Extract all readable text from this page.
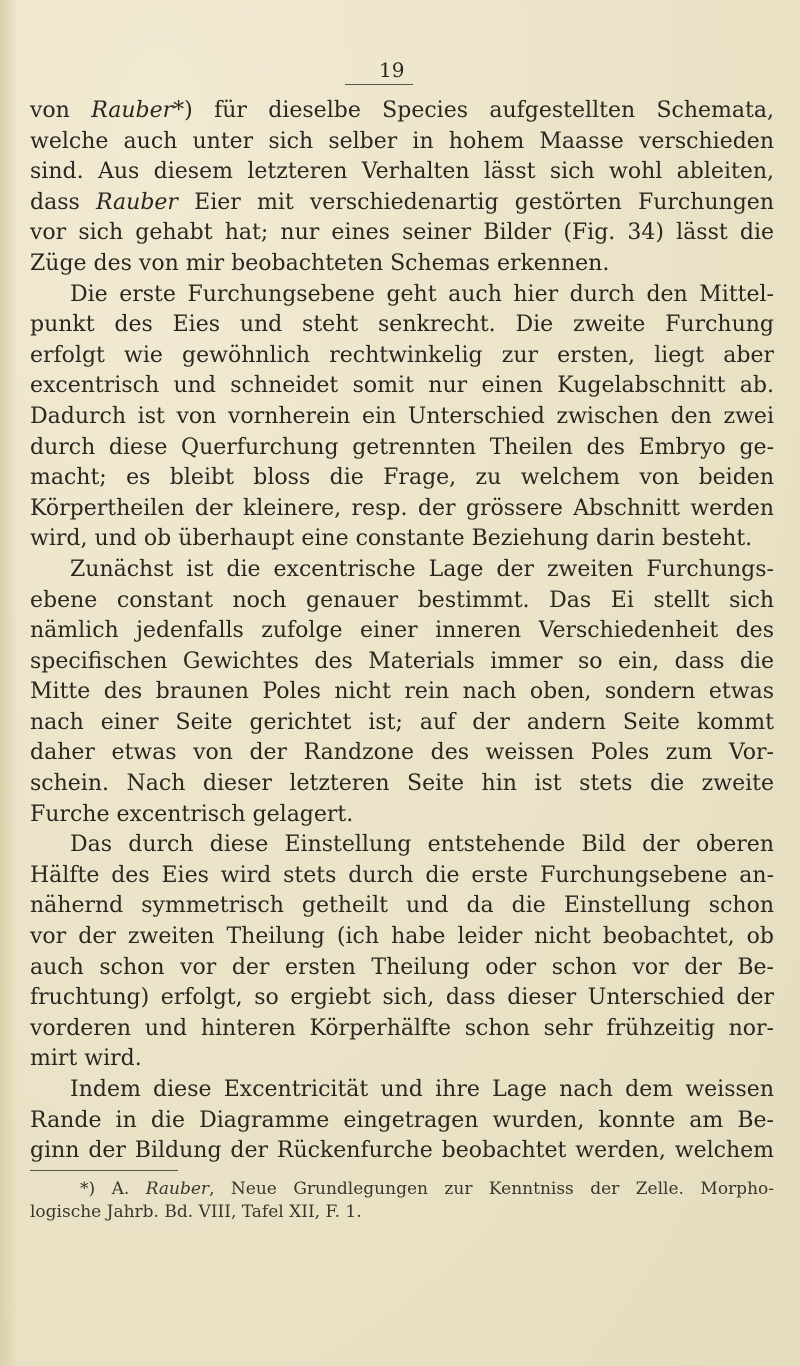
19

von Rauber*) für dieselbe Species aufgestellten Schemata,
welche auch unter sich selber in hohem Maasse verschieden
sind. Aus diesem letzteren Verhalten lässt sich wohl ableiten,
dass Rauber Eier mit verschiedenartig gestörten Furchungen
vor sich gehabt hat; nur eines seiner Bilder (Fig. 34) lässt die
Züge des von mir beobachteten Schemas erkennen.

Die erste Furchungsebene geht auch hier durch den Mittel-
punkt des Eies und steht senkrecht. Die zweite Furchung
erfolgt wie gewöhnlich rechtwinkelig zur ersten, liegt aber
excentrisch und schneidet somit nur einen Kugelabschnitt ab.
Dadurch ist von vornherein ein Unterschied zwischen den zwei
durch diese Querfurchung getrennten Theilen des Embryo ge-
macht; es bleibt bloss die Frage, zu welchem von beiden
Körpertheilen der kleinere, resp. der grössere Abschnitt werden
wird, und ob überhaupt eine constante Beziehung darin besteht.

Zunächst ist die excentrische Lage der zweiten Furchungs-
ebene constant noch genauer bestimmt. Das Ei stellt sich
nämlich jedenfalls zufolge einer inneren Verschiedenheit des
specifischen Gewichtes des Materials immer so ein, dass die
Mitte des braunen Poles nicht rein nach oben, sondern etwas
nach einer Seite gerichtet ist; auf der andern Seite kommt
daher etwas von der Randzone des weissen Poles zum Vor-
schein. Nach dieser letzteren Seite hin ist stets die zweite
Furche excentrisch gelagert.

Das durch diese Einstellung entstehende Bild der oberen
Hälfte des Eies wird stets durch die erste Furchungsebene an-
nähernd symmetrisch getheilt und da die Einstellung schon
vor der zweiten Theilung (ich habe leider nicht beobachtet, ob
auch schon vor der ersten Theilung oder schon vor der Be-
fruchtung) erfolgt, so ergiebt sich, dass dieser Unterschied der
vorderen und hinteren Körperhälfte schon sehr frühzeitig nor-
mirt wird.

Indem diese Excentricität und ihre Lage nach dem weissen
Rande in die Diagramme eingetragen wurden, konnte am Be-
ginn der Bildung der Rückenfurche beobachtet werden, welchem

*) A. Rauber, Neue Grundlegungen zur Kenntniss der Zelle. Morpho-
logische Jahrb. Bd. VIII, Tafel XII, F. 1.
